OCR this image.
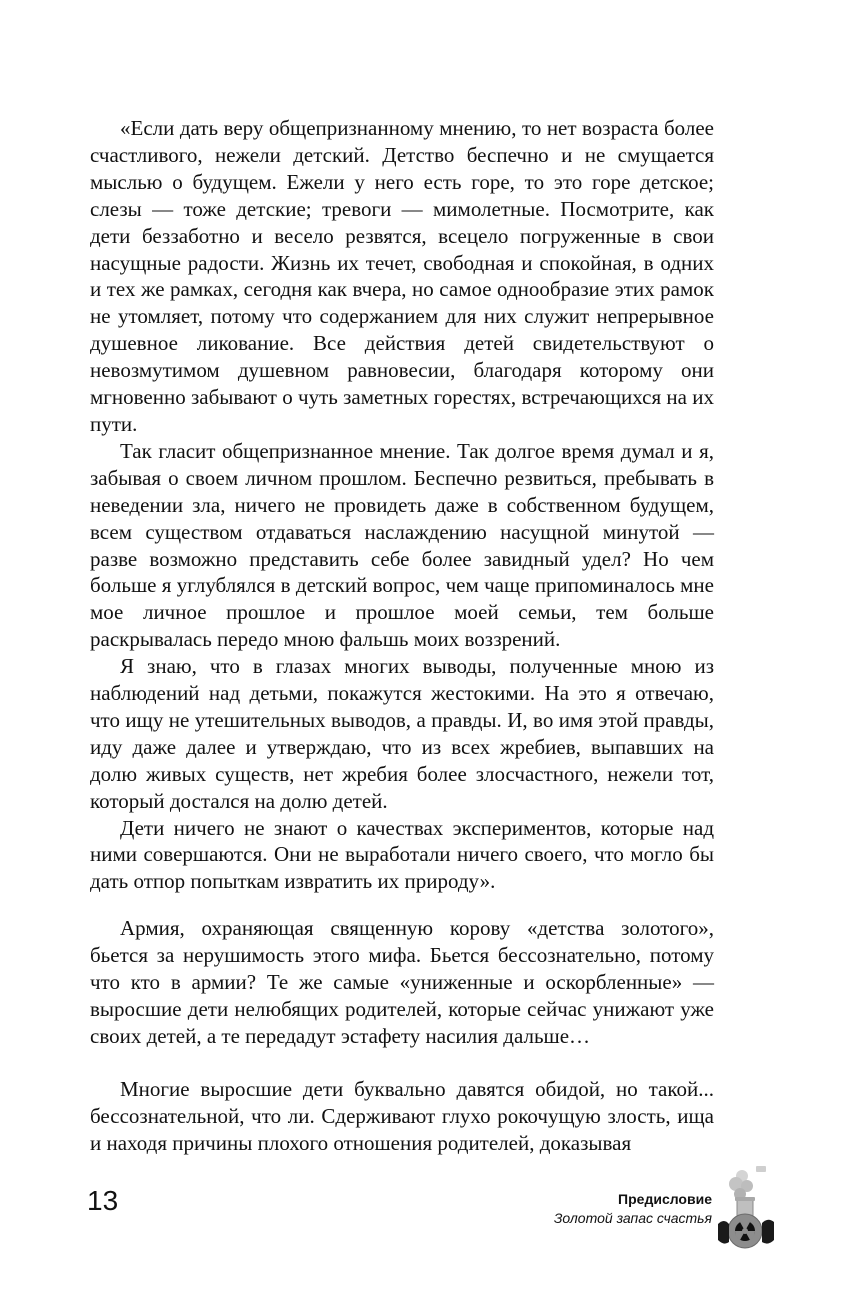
«Если дать веру общепризнанному мнению, то нет возраста более счастливого, нежели детский. Детство беспечно и не смущается мыслью о будущем. Ежели у него есть горе, то это горе детское; слезы — тоже детские; тревоги — мимолетные. Посмотрите, как дети беззаботно и весело резвятся, всецело погруженные в свои насущные радости. Жизнь их течет, свободная и спокойная, в одних и тех же рамках, сегодня как вчера, но самое однообразие этих рамок не утомляет, потому что содержанием для них служит непрерывное душевное ликование. Все действия детей свидетельствуют о невозмутимом душевном равновесии, благодаря которому они мгновенно забывают о чуть заметных горестях, встречающихся на их пути.

Так гласит общепризнанное мнение. Так долгое время думал и я, забывая о своем личном прошлом. Беспечно резвиться, пребывать в неведении зла, ничего не провидеть даже в собственном будущем, всем существом отдаваться наслаждению насущной минутой — разве возможно представить себе более завидный удел? Но чем больше я углублялся в детский вопрос, чем чаще припоминалось мне мое личное прошлое и прошлое моей семьи, тем больше раскрывалась передо мною фальшь моих воззрений.

Я знаю, что в глазах многих выводы, полученные мною из наблюдений над детьми, покажутся жестокими. На это я отвечаю, что ищу не утешительных выводов, а правды. И, во имя этой правды, иду даже далее и утверждаю, что из всех жребиев, выпавших на долю живых существ, нет жребия более злосчастного, нежели тот, который достался на долю детей.

Дети ничего не знают о качествах экспериментов, которые над ними совершаются. Они не выработали ничего своего, что могло бы дать отпор попыткам извратить их природу».

Армия, охраняющая священную корову «детства золотого», бьется за нерушимость этого мифа. Бьется бессознательно, потому что кто в армии? Те же самые «униженные и оскорбленные» — выросшие дети нелюбящих родителей, которые сейчас унижают уже своих детей, а те передадут эстафету насилия дальше…

Многие выросшие дети буквально давятся обидой, но такой... бессознательной, что ли. Сдерживают глухо рокочущую злость, ища и находя причины плохого отношения родителей, доказывая

13	Предисловие
Золотой запас счастья
